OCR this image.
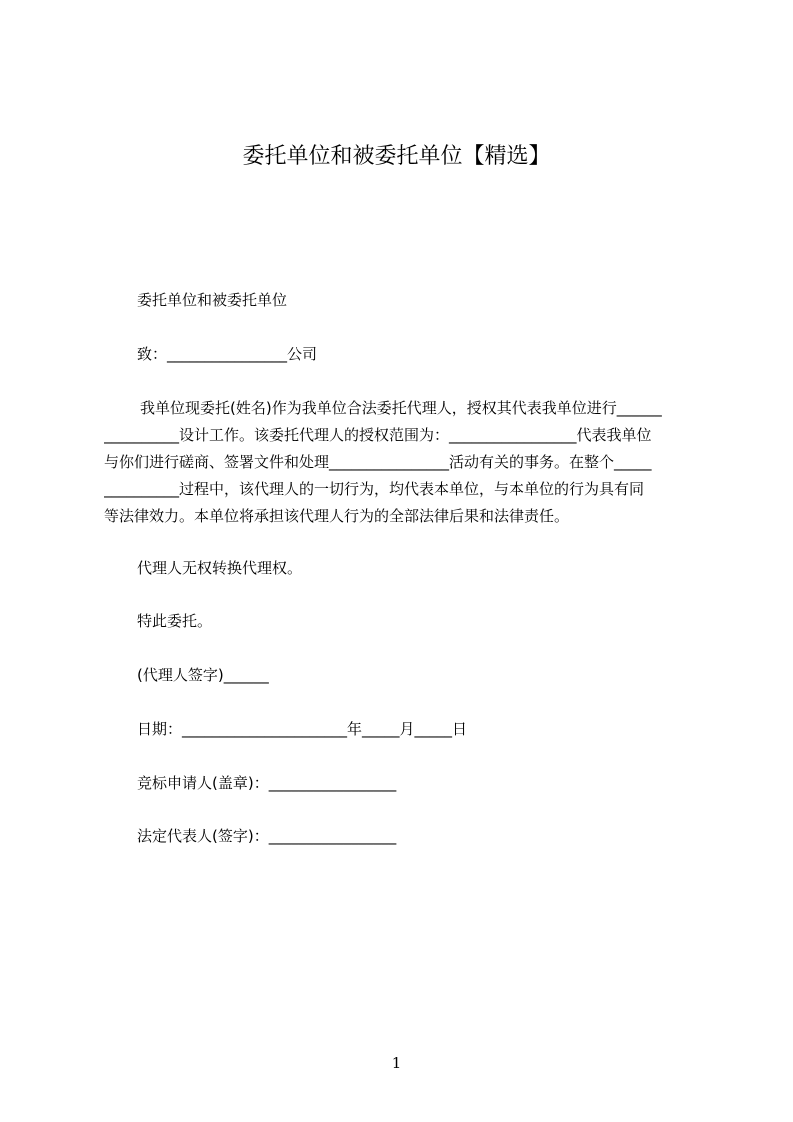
委托单位和被委托单位【精选】
委托单位和被委托单位
致：________________公司
我单位现委托(姓名)作为我单位合法委托代理人，授权其代表我单位进行______
__________设计工作。该委托代理人的授权范围为：_________________代表我单位
与你们进行磋商、签署文件和处理________________活动有关的事务。在整个_____
__________过程中，该代理人的一切行为，均代表本单位，与本单位的行为具有同
等法律效力。本单位将承担该代理人行为的全部法律后果和法律责任。
代理人无权转换代理权。
特此委托。
(代理人签字)______
日期：______________________年_____月_____日
竞标申请人(盖章)：_________________
法定代表人(签字)：_________________
1
